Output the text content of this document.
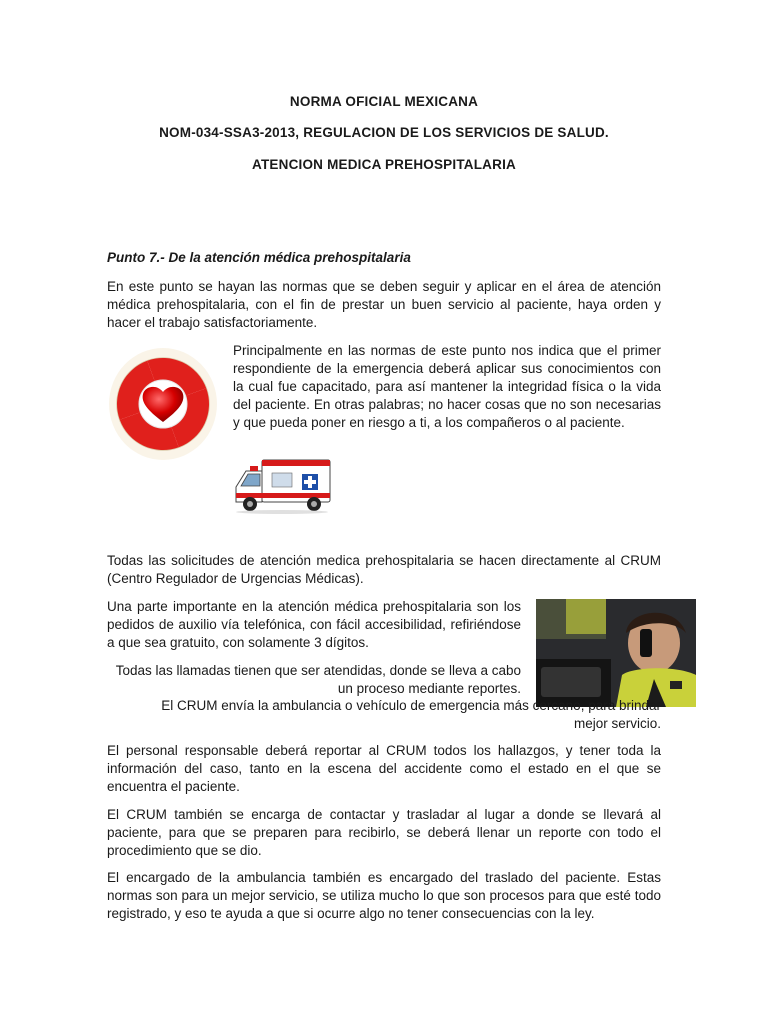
NORMA OFICIAL MEXICANA
NOM-034-SSA3-2013, REGULACION DE LOS SERVICIOS DE SALUD.
ATENCION MEDICA PREHOSPITALARIA
Punto 7.- De la atención médica prehospitalaria

En este punto se hayan las normas que se deben seguir y aplicar en el área de atención médica prehospitalaria, con el fin de prestar un buen servicio al paciente, haya orden y hacer el trabajo satisfactoriamente.

Principalmente en las normas de este punto nos indica que el primer respondiente de la emergencia deberá aplicar sus conocimientos con la cual fue capacitado, para así mantener la integridad física o la vida del paciente. En otras palabras; no hacer cosas que no son necesarias y que pueda poner en riesgo a ti, a los compañeros o al paciente.

AMBULANCIA

Todas las solicitudes de atención medica prehospitalaria se hacen directamente al CRUM (Centro Regulador de Urgencias Médicas).

Una parte importante en la atención médica prehospitalaria son los pedidos de auxilio vía telefónica, con fácil accesibilidad, refiriéndose a que sea gratuito, con solamente 3 dígitos.

Todas las llamadas tienen que ser atendidas, donde se lleva a cabo un proceso mediante reportes.

El CRUM envía la ambulancia o vehículo de emergencia más cercano, para brindar mejor servicio.

El personal responsable deberá reportar al CRUM todos los hallazgos, y tener toda la información del caso, tanto en la escena del accidente como el estado en el que se encuentra el paciente.

El CRUM también se encarga de contactar y trasladar al lugar a donde se llevará al paciente, para que se preparen para recibirlo, se deberá llenar un reporte con todo el procedimiento que se dio.

El encargado de la ambulancia también es encargado del traslado del paciente. Estas normas son para un mejor servicio, se utiliza mucho lo que son procesos para que esté todo registrado, y eso te ayuda a que si ocurre algo no tener consecuencias con la ley.
